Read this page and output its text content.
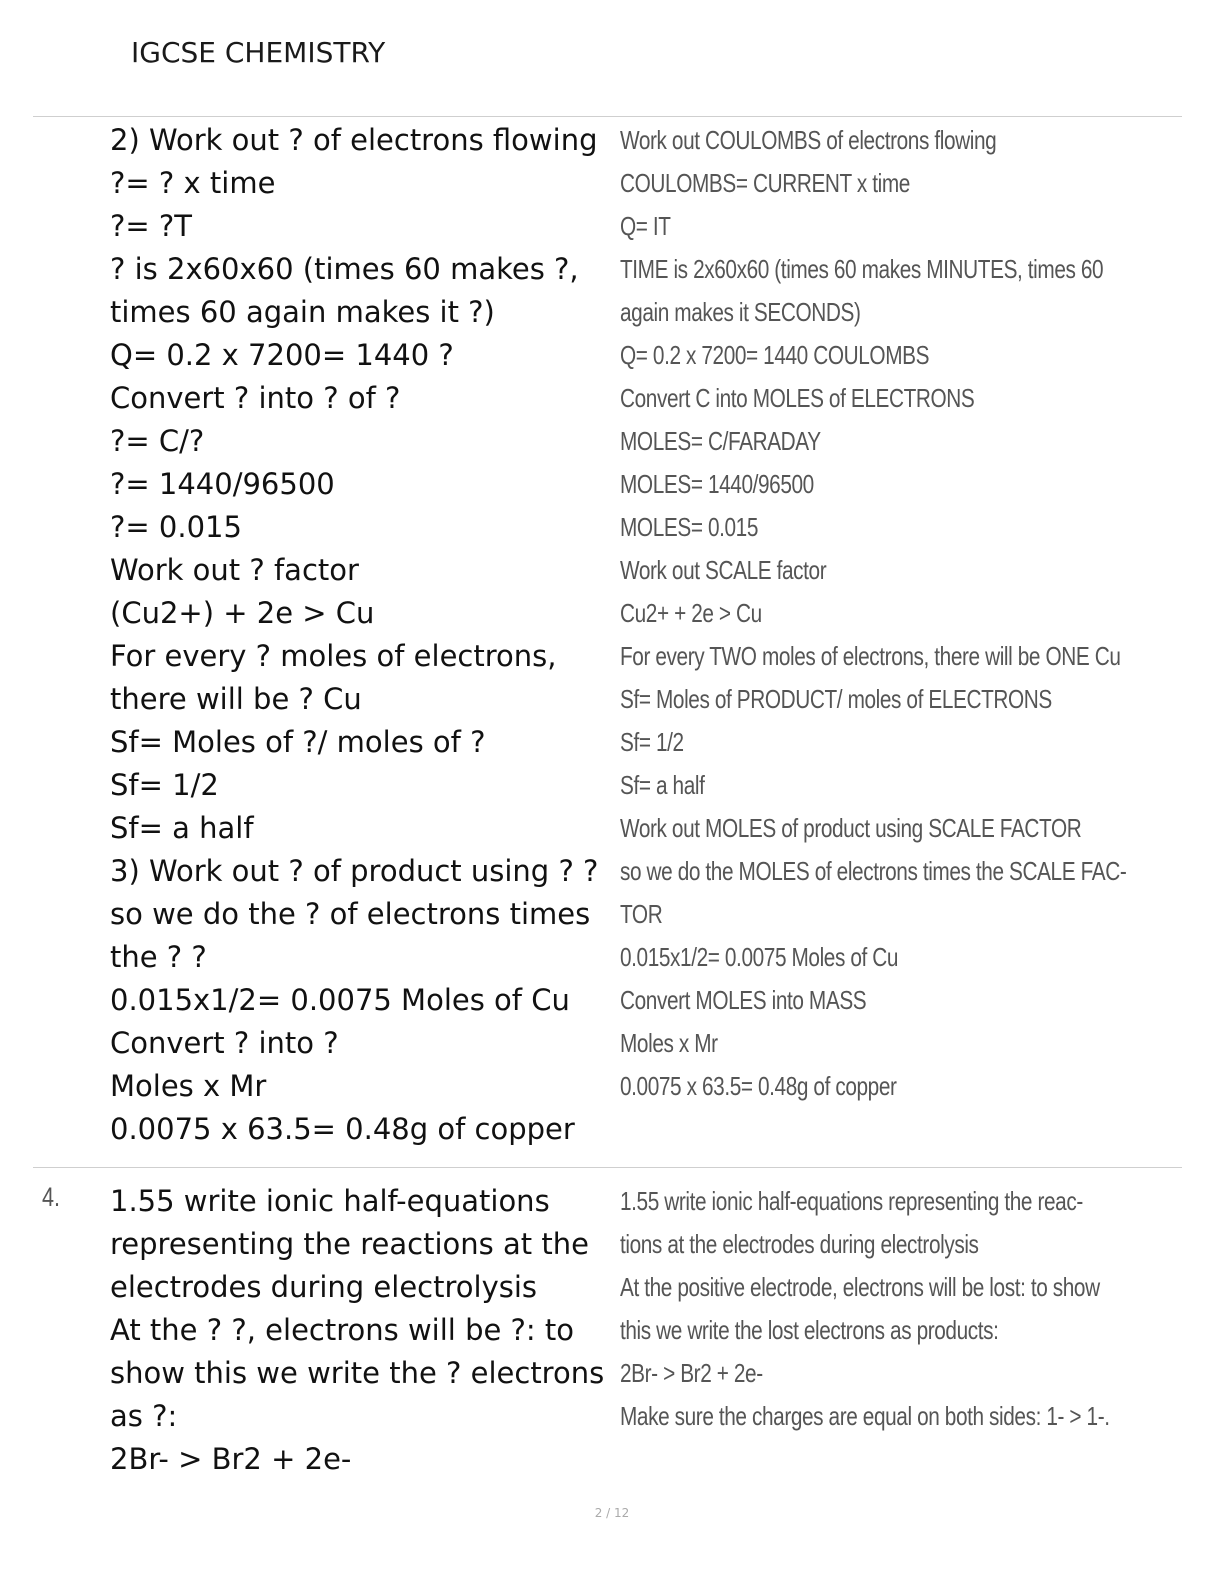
IGCSE CHEMISTRY
2) Work out ? of electrons flowing
?= ? x time
?= ?T
? is 2x60x60 (times 60 makes ?,
times 60 again makes it ?)
Q= 0.2 x 7200= 1440 ?
Convert ? into ? of ?
?= C/?
?= 1440/96500
?= 0.015
Work out ? factor
(Cu2+) + 2e > Cu
For every ? moles of electrons,
there will be ? Cu
Sf= Moles of ?/ moles of ?
Sf= 1/2
Sf= a half
3) Work out ? of product using ? ?
so we do the ? of electrons times
the ? ?
0.015x1/2= 0.0075 Moles of Cu
Convert ? into ?
Moles x Mr
0.0075 x 63.5= 0.48g of copper
Work out COULOMBS of electrons flowing
COULOMBS= CURRENT x time
Q= IT
TIME is 2x60x60 (times 60 makes MINUTES, times 60
again makes it SECONDS)
Q= 0.2 x 7200= 1440 COULOMBS
Convert C into MOLES of ELECTRONS
MOLES= C/FARADAY
MOLES= 1440/96500
MOLES= 0.015
Work out SCALE factor
Cu2+ + 2e > Cu
For every TWO moles of electrons, there will be ONE Cu
Sf= Moles of PRODUCT/ moles of ELECTRONS
Sf= 1/2
Sf= a half
Work out MOLES of product using SCALE FACTOR
so we do the MOLES of electrons times the SCALE FAC-
TOR
0.015x1/2= 0.0075 Moles of Cu
Convert MOLES into MASS
Moles x Mr
0.0075 x 63.5= 0.48g of copper
4. 1.55 write ionic half-equations
representing the reactions at the
electrodes during electrolysis
At the ? ?, electrons will be ?: to
show this we write the ? electrons
as ?:
2Br- > Br2 + 2e-
1.55 write ionic half-equations representing the reac-
tions at the electrodes during electrolysis
At the positive electrode, electrons will be lost: to show
this we write the lost electrons as products:
2Br- > Br2 + 2e-
Make sure the charges are equal on both sides: 1- > 1-.
2 / 12
